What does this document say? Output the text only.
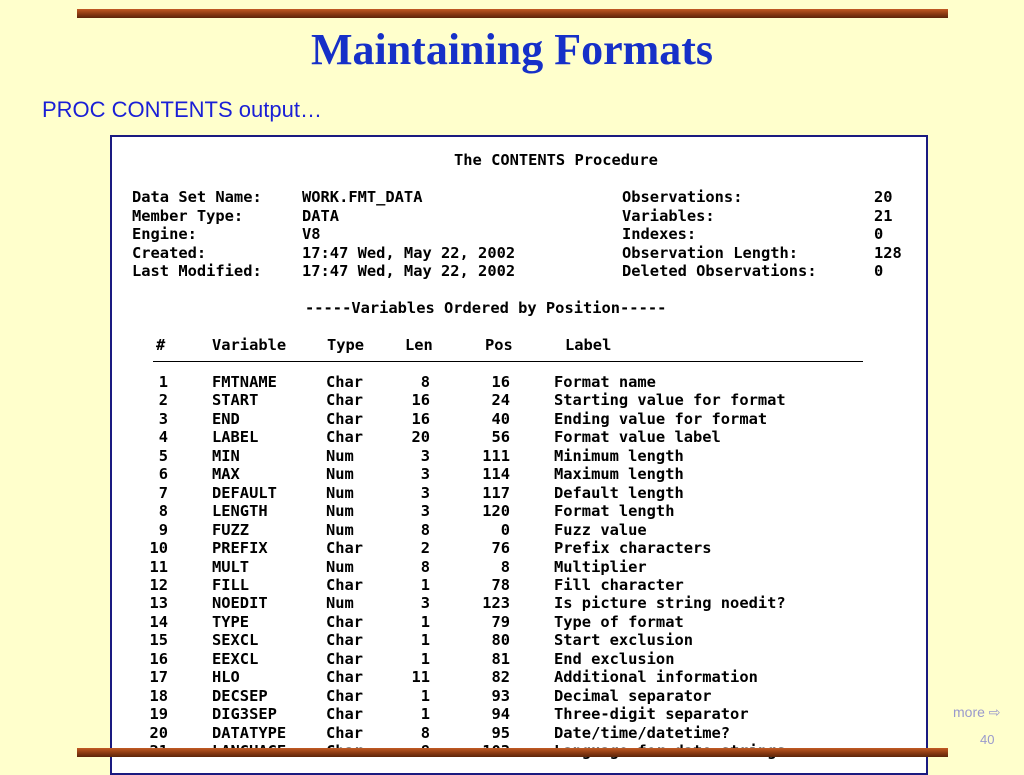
Maintaining Formats
PROC CONTENTS output…
The CONTENTS Procedure
Data Set Name:	WORK.FMT_DATA	Observations:	20
Member Type:	DATA	Variables:	21
Engine:	V8	Indexes:	0
Created:	17:47 Wed, May 22, 2002	Observation Length:	128
Last Modified:	17:47 Wed, May 22, 2002	Deleted Observations:	0
-----Variables Ordered by Position-----
#	Variable	Type	Len	Pos	Label
1	FMTNAME	Char	8	16	Format name
2	START	Char	16	24	Starting value for format
3	END	Char	16	40	Ending value for format
4	LABEL	Char	20	56	Format value label
5	MIN	Num	3	111	Minimum length
6	MAX	Num	3	114	Maximum length
7	DEFAULT	Num	3	117	Default length
8	LENGTH	Num	3	120	Format length
9	FUZZ	Num	8	0	Fuzz value
10	PREFIX	Char	2	76	Prefix characters
11	MULT	Num	8	8	Multiplier
12	FILL	Char	1	78	Fill character
13	NOEDIT	Num	3	123	Is picture string noedit?
14	TYPE	Char	1	79	Type of format
15	SEXCL	Char	1	80	Start exclusion
16	EEXCL	Char	1	81	End exclusion
17	HLO	Char	11	82	Additional information
18	DECSEP	Char	1	93	Decimal separator
19	DIG3SEP	Char	1	94	Three-digit separator
20	DATATYPE	Char	8	95	Date/time/datetime?
more ⇨
40
